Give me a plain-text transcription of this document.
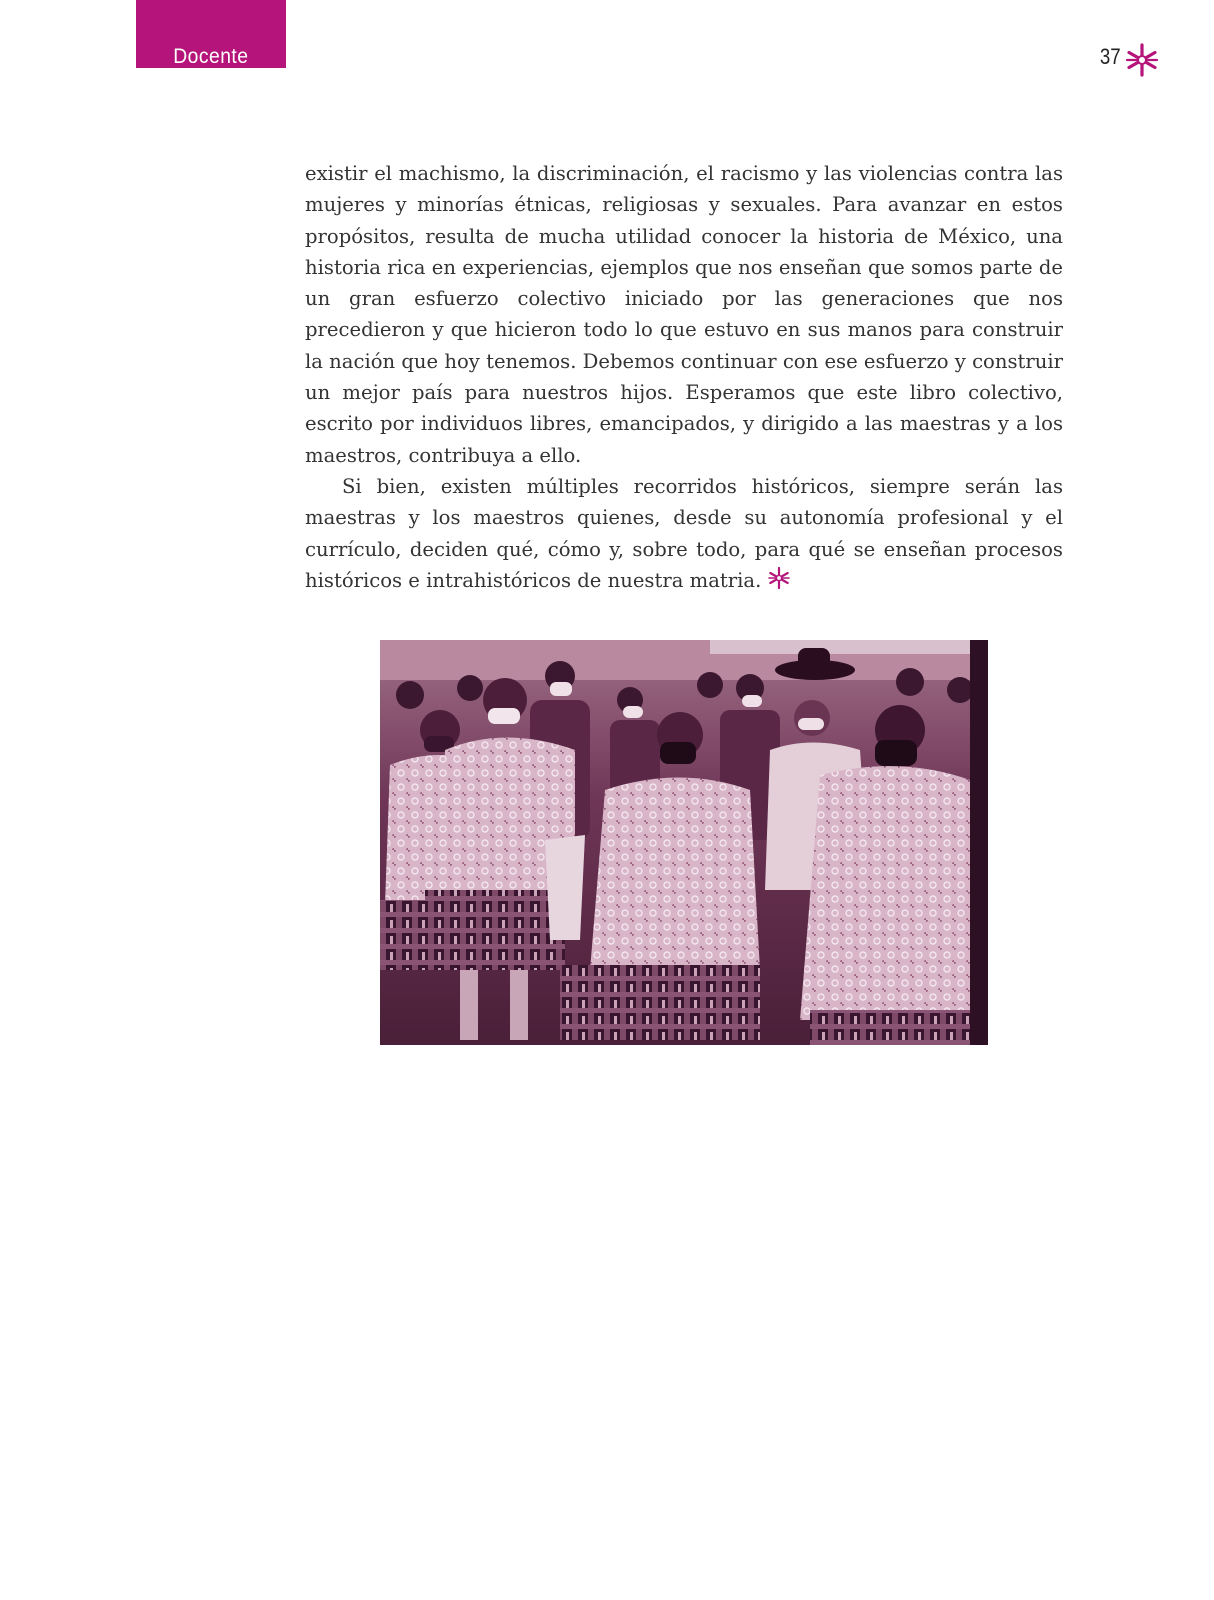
Docente	37

existir el machismo, la discriminación, el racismo y las violencias contra las mujeres y minorías étnicas, religiosas y sexuales. Para avanzar en estos propósitos, resulta de mucha utilidad conocer la historia de México, una historia rica en experiencias, ejemplos que nos enseñan que somos parte de un gran esfuerzo colectivo iniciado por las generaciones que nos precedieron y que hicieron todo lo que estuvo en sus manos para construir la nación que hoy tenemos. Debemos continuar con ese esfuerzo y construir un mejor país para nuestros hijos. Esperamos que este libro colectivo, escrito por individuos libres, emancipados, y dirigido a las maestras y a los maestros, contribuya a ello.

Si bien, existen múltiples recorridos históricos, siempre serán las maestras y los maestros quienes, desde su autonomía profesional y el currículo, deciden qué, cómo y, sobre todo, para qué se enseñan procesos históricos e intrahistóricos de nuestra matria.
